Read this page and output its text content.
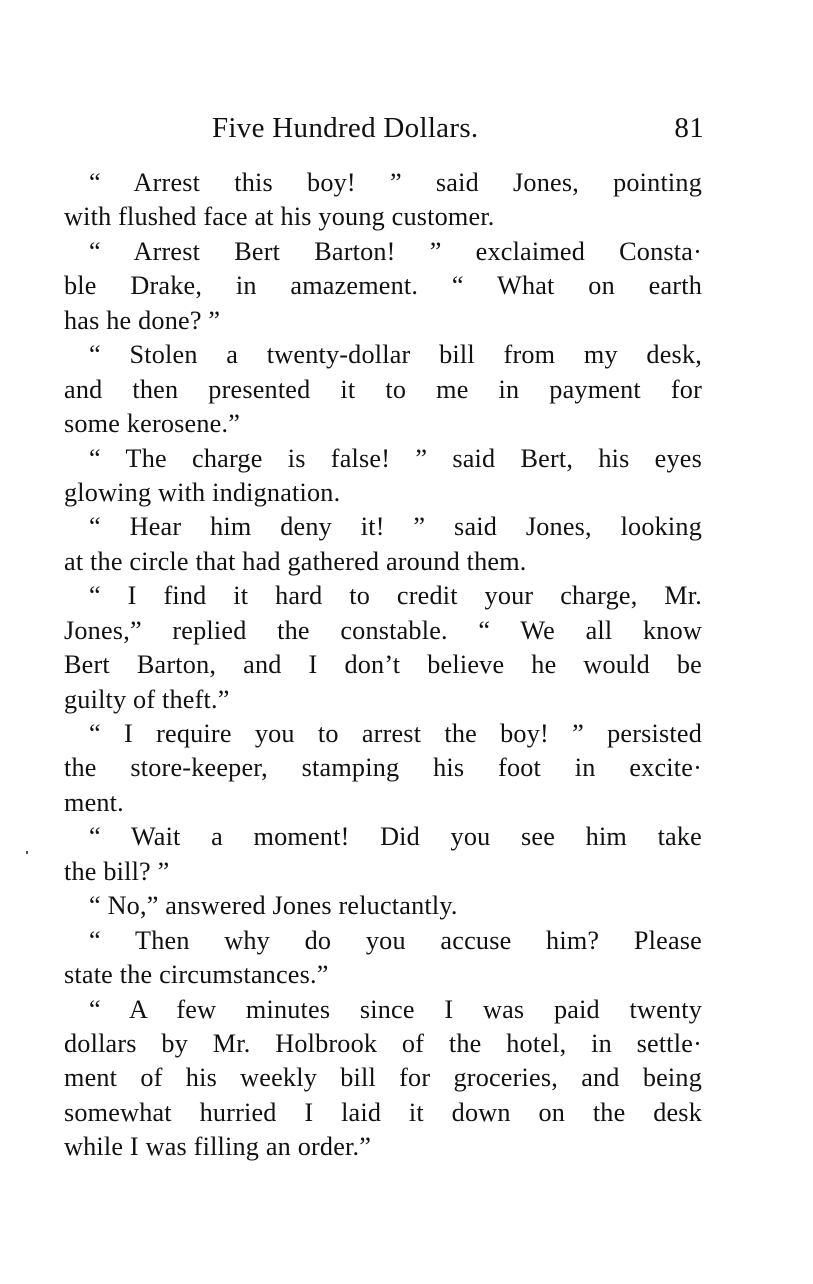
Five Hundred Dollars.	81
“ Arrest this boy! ” said Jones, pointing
with flushed face at his young customer.
“ Arrest Bert Barton! ” exclaimed Consta·
ble Drake, in amazement. “ What on earth
has he done? ”
“ Stolen a twenty-dollar bill from my desk,
and then presented it to me in payment for
some kerosene.”
“ The charge is false! ” said Bert, his eyes
glowing with indignation.
“ Hear him deny it! ” said Jones, looking
at the circle that had gathered around them.
“ I find it hard to credit your charge, Mr.
Jones,” replied the constable. “ We all know
Bert Barton, and I don’t believe he would be
guilty of theft.”
“ I require you to arrest the boy! ” persisted
the store-keeper, stamping his foot in excite·
ment.
“ Wait a moment! Did you see him take
the bill? ”
“ No,” answered Jones reluctantly.
“ Then why do you accuse him? Please
state the circumstances.”
“ A few minutes since I was paid twenty
dollars by Mr. Holbrook of the hotel, in settle·
ment of his weekly bill for groceries, and being
somewhat hurried I laid it down on the desk
while I was filling an order.”
